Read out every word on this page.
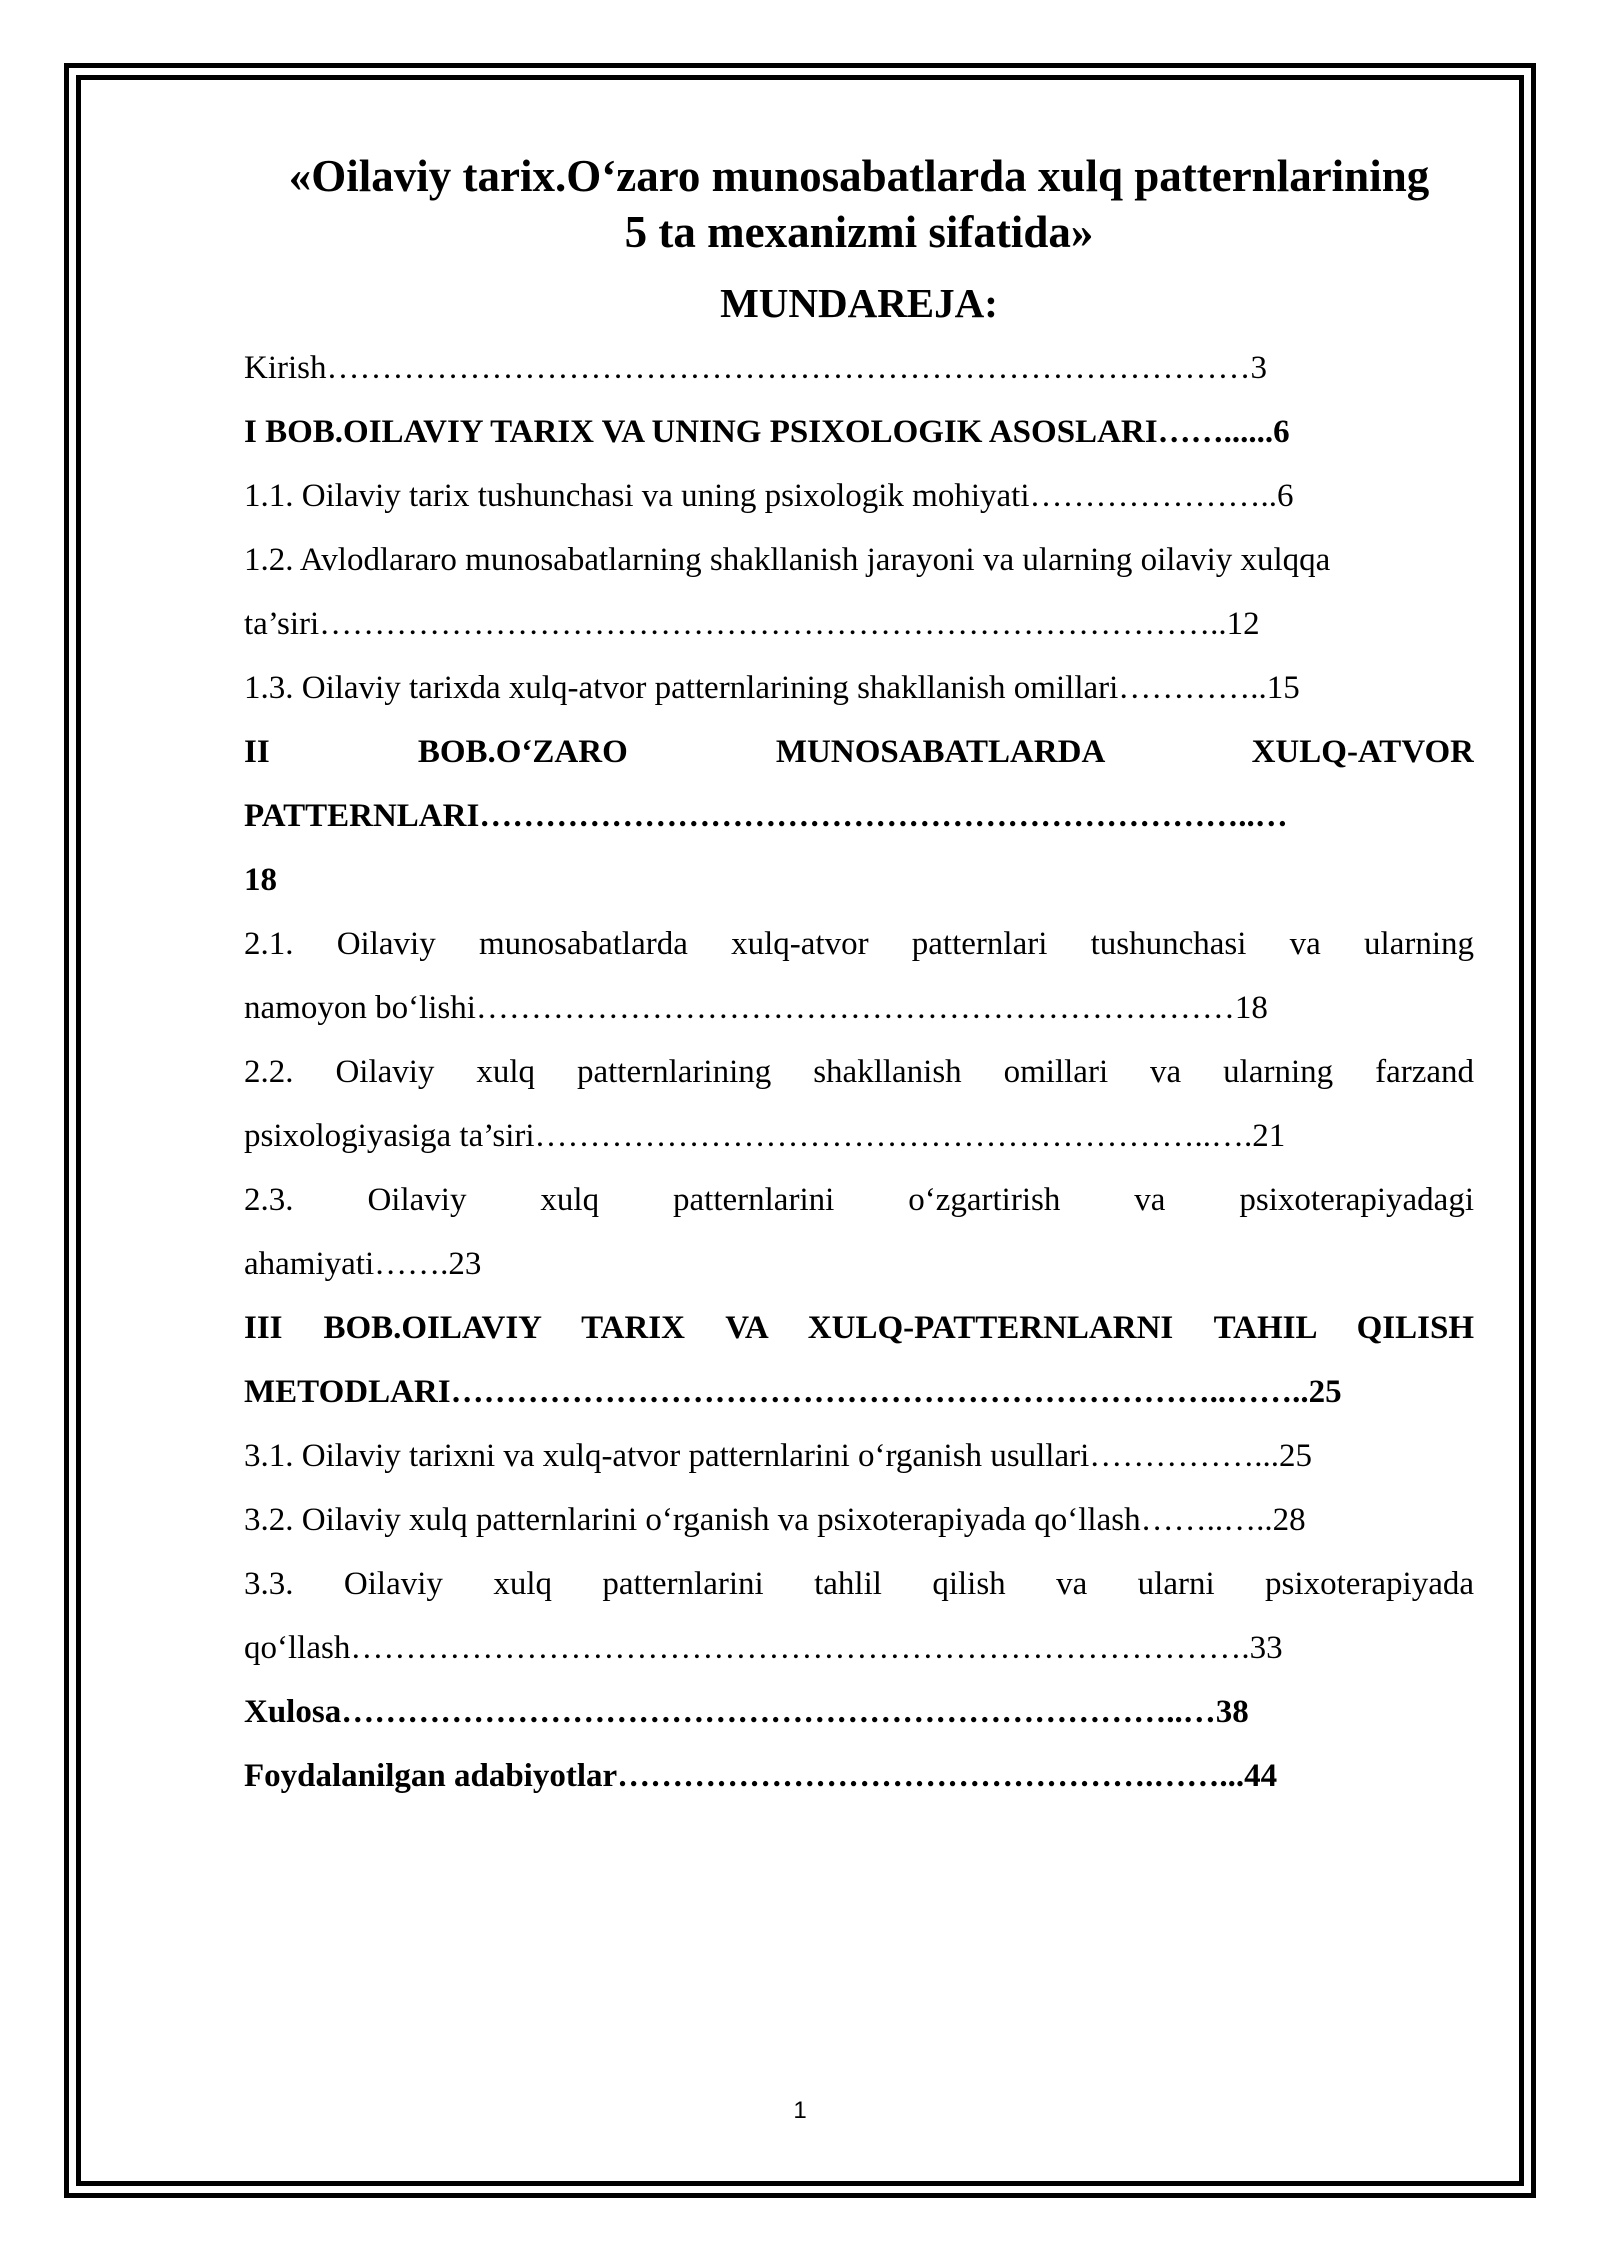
«Oilaviy tarix.O‘zaro munosabatlarda xulq patternlarining
5 ta mexanizmi sifatida»
MUNDAREJA:
Kirish…………………………………………………………………………3
I BOB.OILAVIY TARIX VA UNING PSIXOLOGIK ASOSLARI……......6
1.1. Oilaviy tarix tushunchasi va uning psixologik mohiyati…………………..6
1.2. Avlodlararo munosabatlarning shakllanish jarayoni va ularning oilaviy xulqqa
ta’siri………………………………………………………………………..12
1.3. Oilaviy tarixda xulq-atvor patternlarining shakllanish omillari…………..15
II BOB.O‘ZARO MUNOSABATLARDA XULQ-ATVOR
PATTERNLARI……………………………………………………………..…
18
2.1. Oilaviy munosabatlarda xulq-atvor patternlari tushunchasi va ularning
namoyon bo‘lishi……………………………………………………………18
2.2. Oilaviy xulq patternlarining shakllanish omillari va ularning farzand
psixologiyasiga ta’siri……………………………………………………..….21
2.3. Oilaviy xulq patternlarini o‘zgartirish va psixoterapiyadagi
ahamiyati…….23
III BOB.OILAVIY TARIX VA XULQ-PATTERNLARNI TAHIL QILISH
METODLARI……………………………………………………………..……..25
3.1. Oilaviy tarixni va xulq-atvor patternlarini o‘rganish usullari……………...25
3.2. Oilaviy xulq patternlarini o‘rganish va psixoterapiyada qo‘llash……..…..28
3.3. Oilaviy xulq patternlarini tahlil qilish va ularni psixoterapiyada
qo‘llash……………………………………………………………………….33
Xulosa…………………………………………………………………..…38
Foydalanilgan adabiyotlar………………………………………….……...44
1
